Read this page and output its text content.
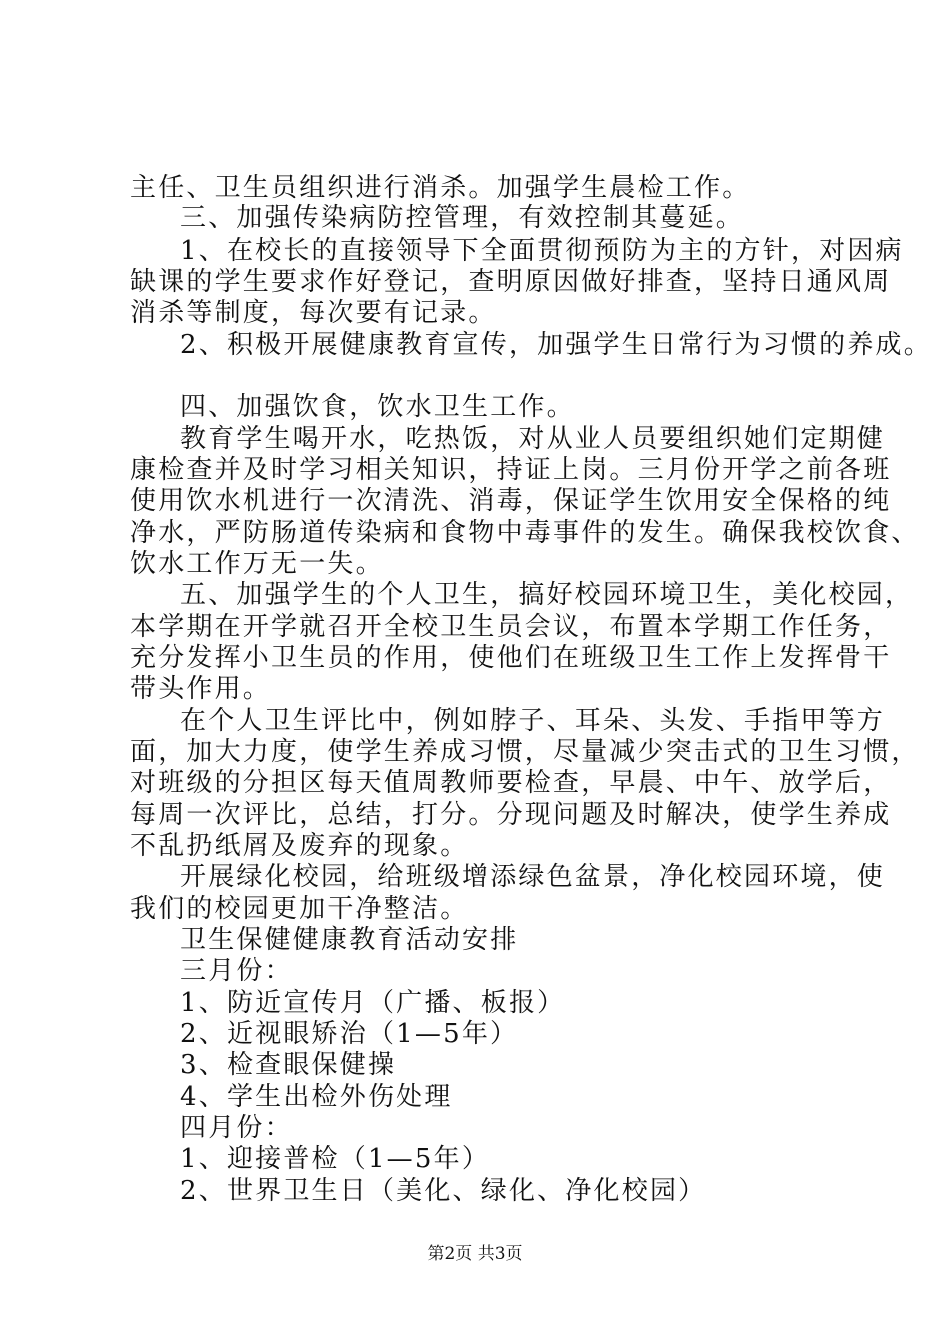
主任、卫生员组织进行消杀。加强学生晨检工作。
三、加强传染病防控管理，有效控制其蔓延。
1、在校长的直接领导下全面贯彻预防为主的方针，对因病
缺课的学生要求作好登记，查明原因做好排查，坚持日通风周
消杀等制度，每次要有记录。
2、积极开展健康教育宣传，加强学生日常行为习惯的养成。
四、加强饮食，饮水卫生工作。
教育学生喝开水，吃热饭，对从业人员要组织她们定期健
康检查并及时学习相关知识，持证上岗。三月份开学之前各班
使用饮水机进行一次清洗、消毒，保证学生饮用安全保格的纯
净水，严防肠道传染病和食物中毒事件的发生。确保我校饮食、
饮水工作万无一失。
五、加强学生的个人卫生，搞好校园环境卫生，美化校园，
本学期在开学就召开全校卫生员会议，布置本学期工作任务，
充分发挥小卫生员的作用，使他们在班级卫生工作上发挥骨干
带头作用。
在个人卫生评比中，例如脖子、耳朵、头发、手指甲等方
面，加大力度，使学生养成习惯，尽量减少突击式的卫生习惯，
对班级的分担区每天值周教师要检查，早晨、中午、放学后，
每周一次评比，总结，打分。分现问题及时解决，使学生养成
不乱扔纸屑及废弃的现象。
开展绿化校园，给班级增添绿色盆景，净化校园环境，使
我们的校园更加干净整洁。
卫生保健健康教育活动安排
三月份：
1、防近宣传月（广播、板报）
2、近视眼矫治（1—5年）
3、检查眼保健操
4、学生出检外伤处理
四月份：
1、迎接普检（1—5年）
2、世界卫生日（美化、绿化、净化校园）
第2页 共3页
